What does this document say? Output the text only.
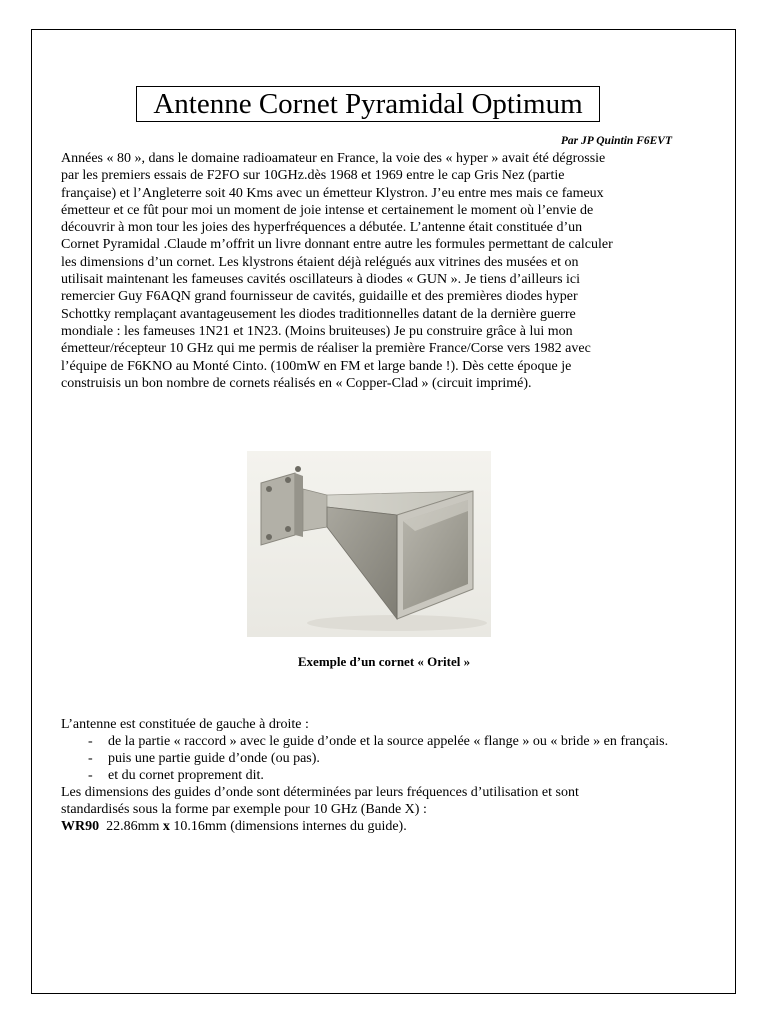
Antenne Cornet Pyramidal Optimum
Par JP Quintin F6EVT

Années « 80 », dans le domaine radioamateur en France, la voie des « hyper » avait été dégrossie
par les premiers essais de F2FO sur 10GHz.dès 1968 et 1969 entre le cap Gris Nez (partie
française) et l’Angleterre soit 40 Kms avec un émetteur Klystron. J’eu entre mes mais ce fameux
émetteur et ce fût pour moi un moment de joie intense et certainement le moment où l’envie de
découvrir à mon tour les joies des hyperfréquences a débutée. L’antenne était constituée d’un
Cornet Pyramidal .Claude m’offrit un livre donnant entre autre les formules permettant de calculer
les dimensions d’un cornet. Les klystrons étaient déjà relégués aux vitrines des musées et on
utilisait maintenant les fameuses cavités oscillateurs à diodes « GUN ». Je tiens d’ailleurs ici
remercier Guy F6AQN grand fournisseur de cavités, guidaille et des premières diodes hyper
Schottky remplaçant avantageusement les diodes traditionnelles datant de la dernière guerre
mondiale : les fameuses 1N21 et 1N23. (Moins bruiteuses) Je pu construire grâce à lui mon
émetteur/récepteur 10 GHz qui me permis de réaliser la première France/Corse vers 1982 avec
l’équipe de F6KNO au Monté Cinto. (100mW en FM et large bande !). Dès cette époque je
construisis un bon nombre de cornets réalisés en « Copper-Clad » (circuit imprimé).

Exemple d’un cornet « Oritel »

L’antenne est constituée de gauche à droite :

- de la partie « raccord » avec le guide d’onde et la source appelée « flange » ou « bride » en français.
- puis une partie guide d’onde (ou pas).
- et du cornet proprement dit.

Les dimensions des guides d’onde sont déterminées par leurs fréquences d’utilisation et sont
standardisés sous la forme par exemple pour 10 GHz (Bande X) :
WR90 22.86mm x 10.16mm (dimensions internes du guide).
